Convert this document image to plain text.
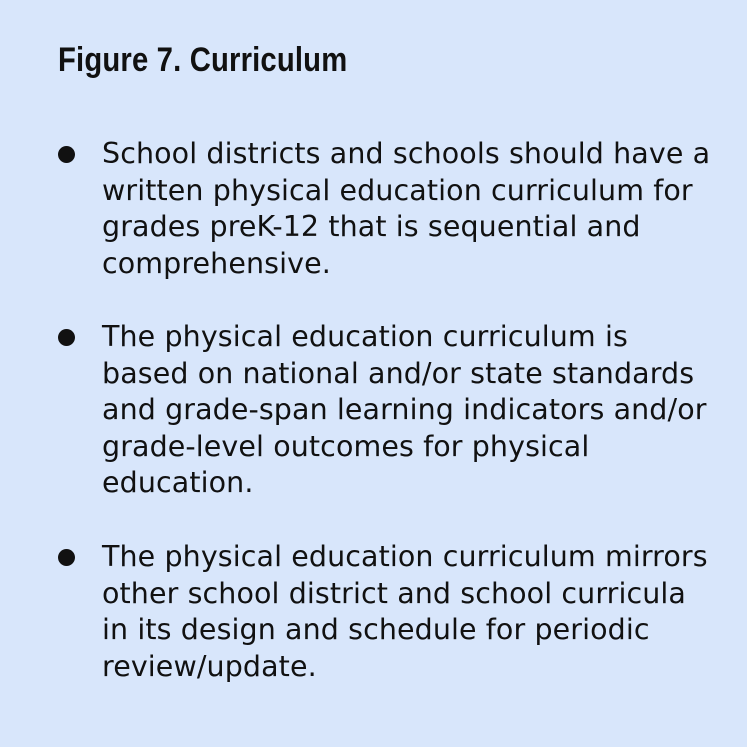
Figure 7. Curriculum
School districts and schools should have a written physical education curriculum for grades preK-12 that is sequential and comprehensive.
The physical education curriculum is based on national and/or state standards and grade-span learning indicators and/or grade-level outcomes for physical education.
The physical education curriculum mirrors other school district and school curricula in its design and schedule for periodic review/update.
